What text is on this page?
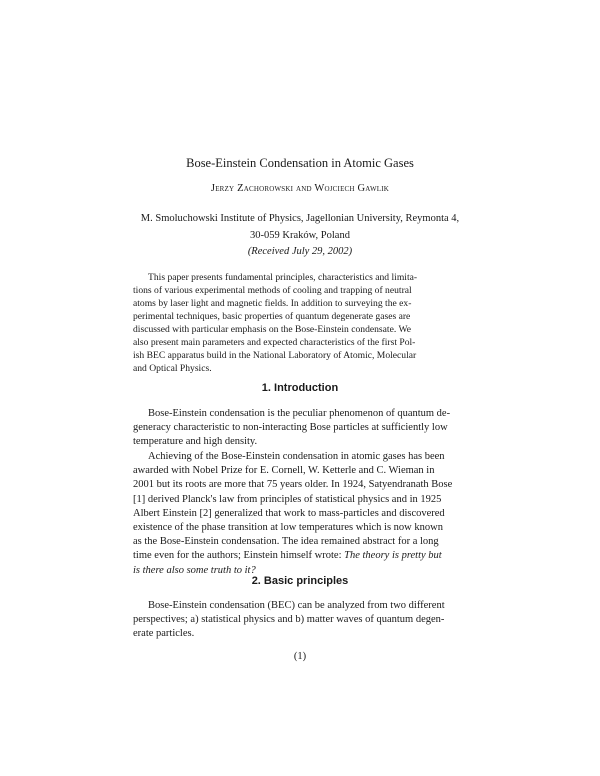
Bose-Einstein Condensation in Atomic Gases
Jerzy Zachorowski and Wojciech Gawlik
M. Smoluchowski Institute of Physics, Jagellonian University, Reymonta 4,
30-059 Kraków, Poland
(Received July 29, 2002)
This paper presents fundamental principles, characteristics and limita-
tions of various experimental methods of cooling and trapping of neutral
atoms by laser light and magnetic fields. In addition to surveying the ex-
perimental techniques, basic properties of quantum degenerate gases are
discussed with particular emphasis on the Bose-Einstein condensate. We
also present main parameters and expected characteristics of the first Pol-
ish BEC apparatus build in the National Laboratory of Atomic, Molecular
and Optical Physics.
1. Introduction
Bose-Einstein condensation is the peculiar phenomenon of quantum de-
generacy characteristic to non-interacting Bose particles at sufficiently low
temperature and high density.
Achieving of the Bose-Einstein condensation in atomic gases has been
awarded with Nobel Prize for E. Cornell, W. Ketterle and C. Wieman in
2001 but its roots are more that 75 years older. In 1924, Satyendranath Bose
[1] derived Planck's law from principles of statistical physics and in 1925
Albert Einstein [2] generalized that work to mass-particles and discovered
existence of the phase transition at low temperatures which is now known
as the Bose-Einstein condensation. The idea remained abstract for a long
time even for the authors; Einstein himself wrote: The theory is pretty but
is there also some truth to it?
2. Basic principles
Bose-Einstein condensation (BEC) can be analyzed from two different
perspectives; a) statistical physics and b) matter waves of quantum degen-
erate particles.
(1)
